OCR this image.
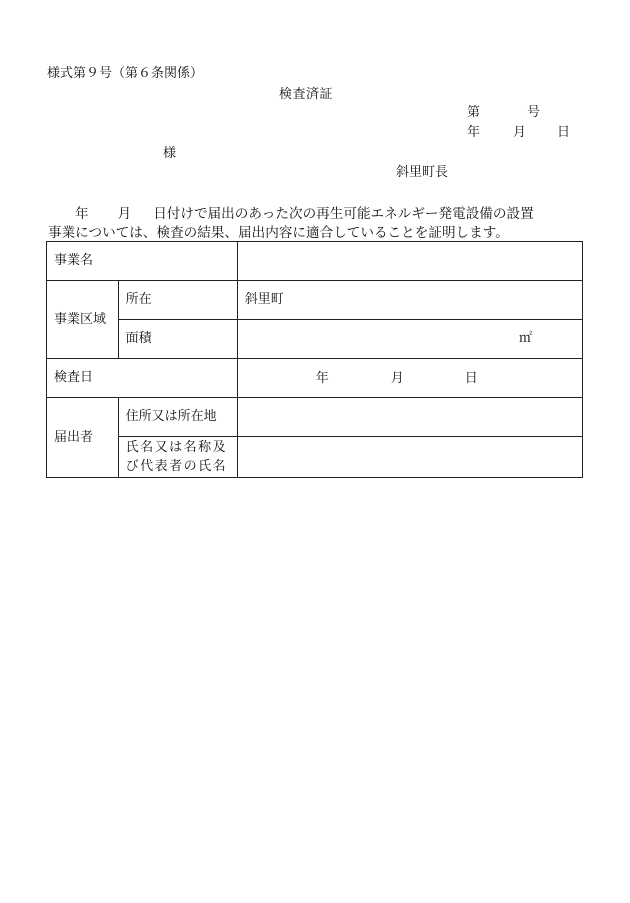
様式第９号（第６条関係）
検査済証
第	号
年	月 日
様
斜里町長
年 月 日付けで届出のあった次の再生可能エネルギー発電設備の設置
事業については、検査の結果、届出内容に適合していることを証明します。
事業名		
事業区域	所在	斜里町
	面積	㎡

検査日		年 月 日

届出者	住所又は所在地	
	氏名又は名称及び代表者の氏名	
